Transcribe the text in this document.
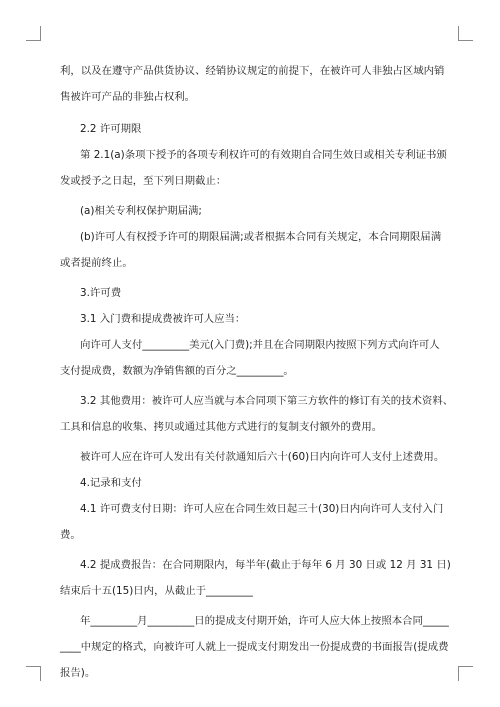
利，以及在遵守产品供货协议、经销协议规定的前提下，在被许可人非独占区域内销
售被许可产品的非独占权利。
2.2 许可期限
第 2.1(a)条项下授予的各项专利权许可的有效期自合同生效日或相关专利证书颁
发或授予之日起，至下列日期截止：
(a)相关专利权保护期届满;
(b)许可人有权授予许可的期限届满;或者根据本合同有关规定，本合同期限届满
或者提前终止。
3.许可费
3.1 入门费和提成费被许可人应当：
向许可人支付_________美元(入门费);并且在合同期限内按照下列方式向许可人
支付提成费，数额为净销售额的百分之_________。
3.2 其他费用：被许可人应当就与本合同项下第三方软件的修订有关的技术资料、
工具和信息的收集、拷贝或通过其他方式进行的复制支付额外的费用。
被许可人应在许可人发出有关付款通知后六十(60)日内向许可人支付上述费用。
4.记录和支付
4.1 许可费支付日期：许可人应在合同生效日起三十(30)日内向许可人支付入门
费。
4.2 提成费报告：在合同期限内，每半年(截止于每年 6 月 30 日或 12 月 31 日)
结束后十五(15)日内，从截止于_________
年_________月_________日的提成支付期开始，许可人应大体上按照本合同_____
____中规定的格式，向被许可人就上一提成支付期发出一份提成费的书面报告(提成费
报告)。
